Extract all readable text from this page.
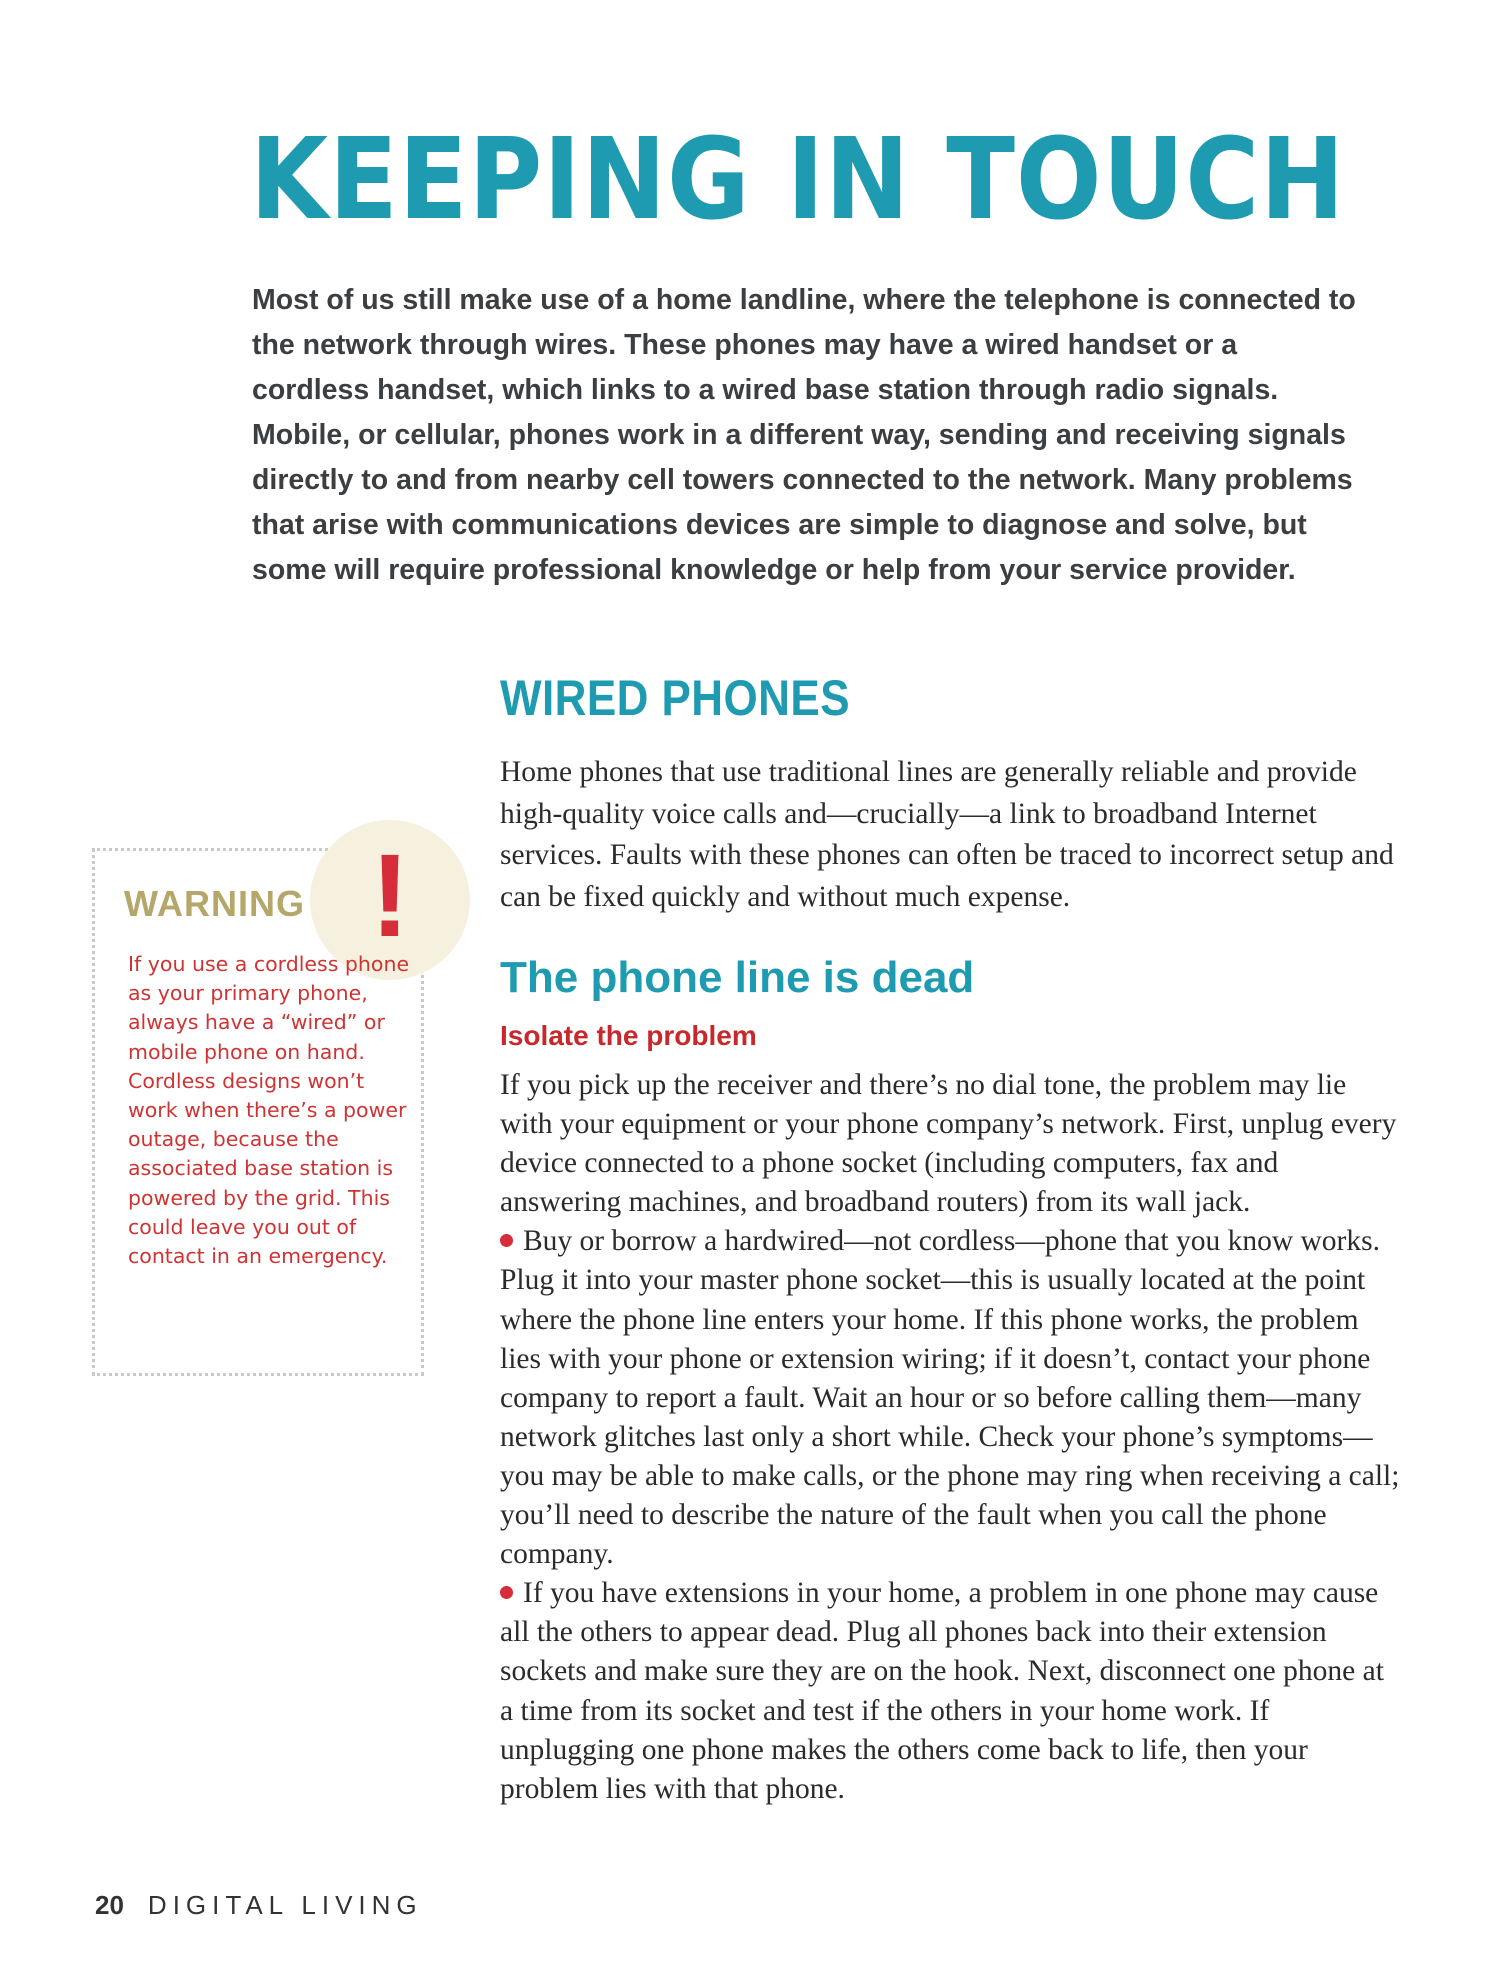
KEEPING IN TOUCH

Most of us still make use of a home landline, where the telephone is connected to the network through wires. These phones may have a wired handset or a cordless handset, which links to a wired base station through radio signals. Mobile, or cellular, phones work in a different way, sending and receiving signals directly to and from nearby cell towers connected to the network. Many problems that arise with communications devices are simple to diagnose and solve, but some will require professional knowledge or help from your service provider.

WIRED PHONES

Home phones that use traditional lines are generally reliable and provide high-quality voice calls and—crucially—a link to broadband Internet services. Faults with these phones can often be traced to incorrect setup and can be fixed quickly and without much expense.

The phone line is dead
Isolate the problem

If you pick up the receiver and there’s no dial tone, the problem may lie with your equipment or your phone company’s network. First, unplug every device connected to a phone socket (including computers, fax and answering machines, and broadband routers) from its wall jack.

Buy or borrow a hardwired—not cordless—phone that you know works. Plug it into your master phone socket—this is usually located at the point where the phone line enters your home. If this phone works, the problem lies with your phone or extension wiring; if it doesn’t, contact your phone company to report a fault. Wait an hour or so before calling them—many network glitches last only a short while. Check your phone’s symptoms—you may be able to make calls, or the phone may ring when receiving a call; you’ll need to describe the nature of the fault when you call the phone company.

If you have extensions in your home, a problem in one phone may cause all the others to appear dead. Plug all phones back into their extension sockets and make sure they are on the hook. Next, disconnect one phone at a time from its socket and test if the others in your home work. If unplugging one phone makes the others come back to life, then your problem lies with that phone.

!
WARNING

If you use a cordless phone as your primary phone, always have a “wired” or mobile phone on hand. Cordless designs won’t work when there’s a power outage, because the associated base station is powered by the grid. This could leave you out of contact in an emergency.

20 DIGITAL LIVING
